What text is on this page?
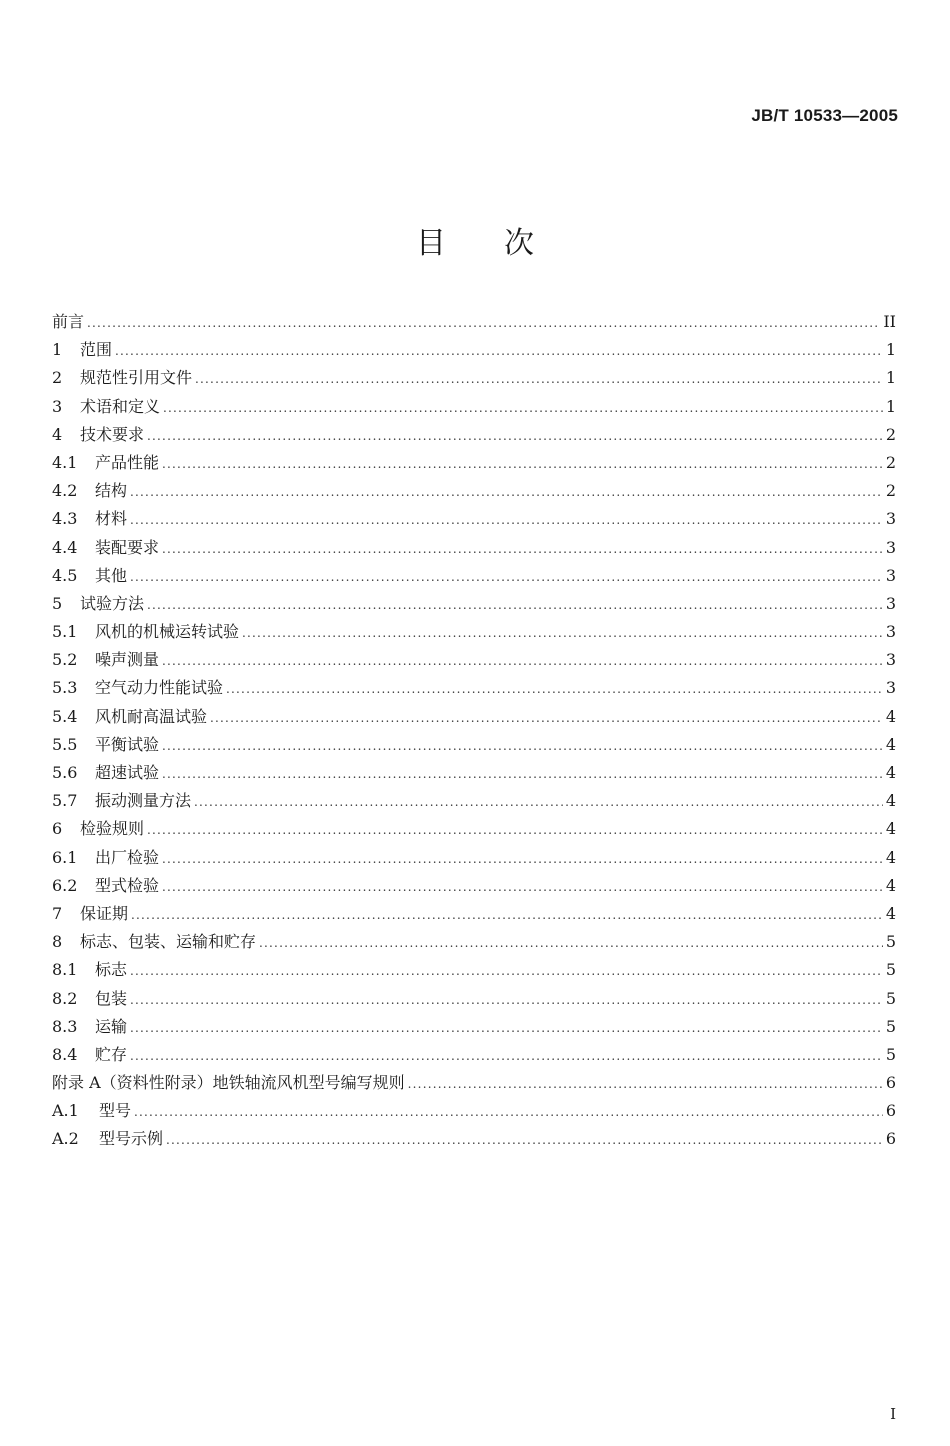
JB/T 10533—2005
目次
前言 .....	II
1	范围 .....	1
2	规范性引用文件 .....	1
3	术语和定义 .....	1
4	技术要求 .....	2
4.1	产品性能 .....	2
4.2	结构 .....	2
4.3	材料 .....	3
4.4	装配要求 .....	3
4.5	其他 .....	3
5	试验方法 .....	3
5.1	风机的机械运转试验 .....	3
5.2	噪声测量 .....	3
5.3	空气动力性能试验 .....	3
5.4	风机耐高温试验 .....	4
5.5	平衡试验 .....	4
5.6	超速试验 .....	4
5.7	振动测量方法 .....	4
6	检验规则 .....	4
6.1	出厂检验 .....	4
6.2	型式检验 .....	4
7	保证期 .....	4
8	标志、包装、运输和贮存 .....	5
8.1	标志 .....	5
8.2	包装 .....	5
8.3	运输 .....	5
8.4	贮存 .....	5
附录 A（资料性附录）地铁轴流风机型号编写规则 .....	6
A.1	型号 .....	6
A.2	型号示例 .....	6
I
